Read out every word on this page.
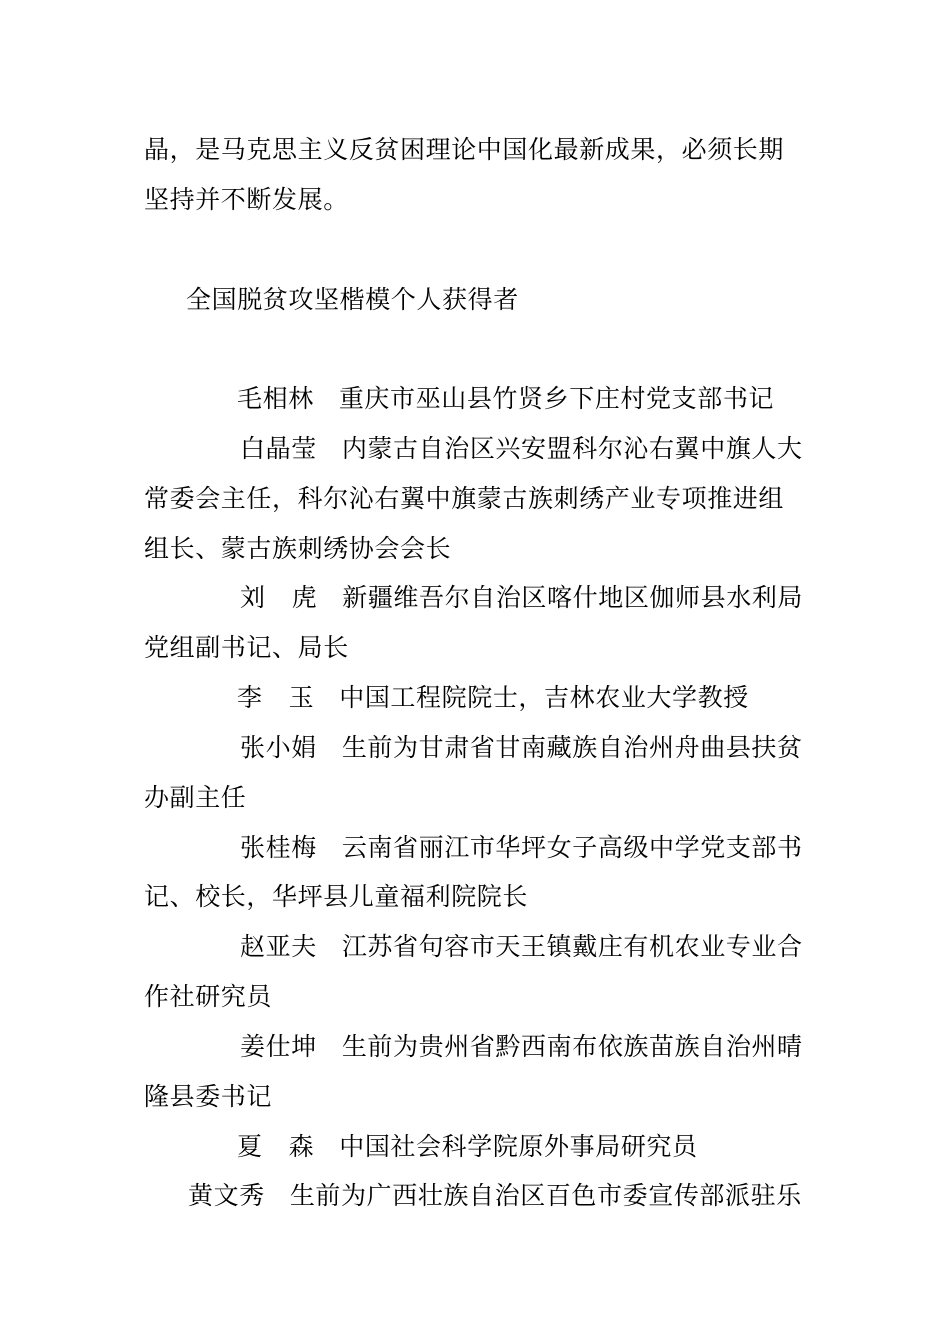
晶，是马克思主义反贫困理论中国化最新成果，必须长期
坚持并不断发展。
全国脱贫攻坚楷模个人获得者
毛相林 重庆市巫山县竹贤乡下庄村党支部书记
白晶莹 内蒙古自治区兴安盟科尔沁右翼中旗人大
常委会主任，科尔沁右翼中旗蒙古族刺绣产业专项推进组
组长、蒙古族刺绣协会会长
刘 虎 新疆维吾尔自治区喀什地区伽师县水利局
党组副书记、局长
李 玉 中国工程院院士，吉林农业大学教授
张小娟 生前为甘肃省甘南藏族自治州舟曲县扶贫
办副主任
张桂梅 云南省丽江市华坪女子高级中学党支部书
记、校长，华坪县儿童福利院院长
赵亚夫 江苏省句容市天王镇戴庄有机农业专业合
作社研究员
姜仕坤 生前为贵州省黔西南布依族苗族自治州晴
隆县委书记
夏 森 中国社会科学院原外事局研究员
黄文秀 生前为广西壮族自治区百色市委宣传部派驻乐
